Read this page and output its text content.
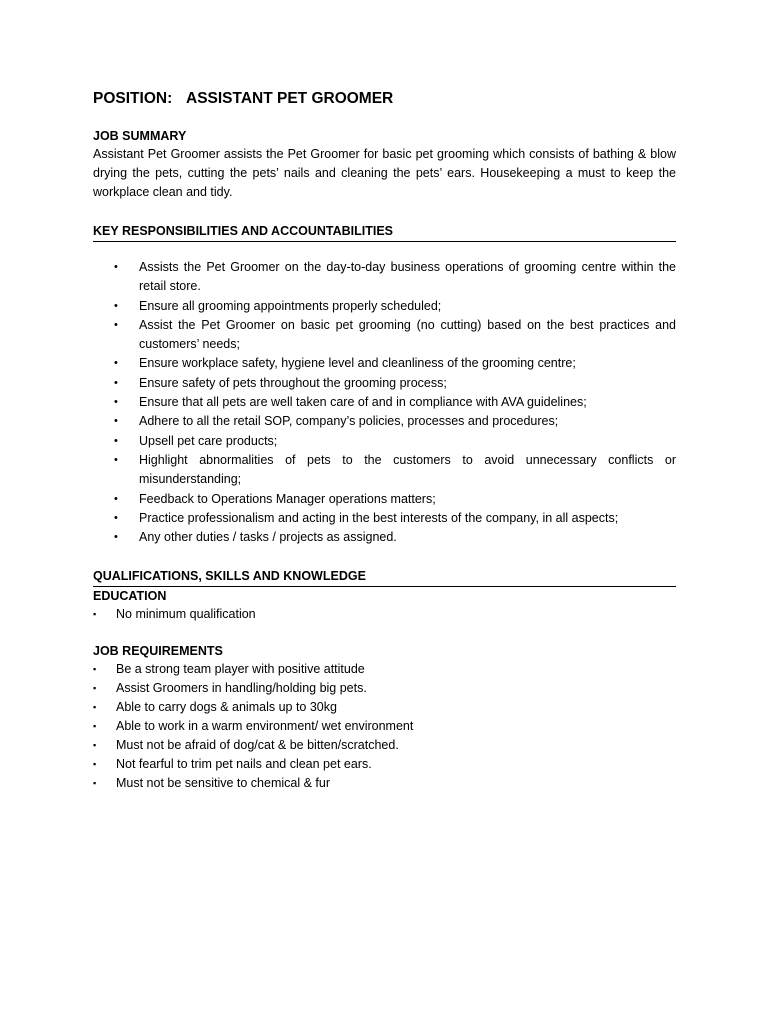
POSITION: ASSISTANT PET GROOMER

JOB SUMMARY

Assistant Pet Groomer assists the Pet Groomer for basic pet grooming which consists of bathing & blow drying the pets, cutting the pets’ nails and cleaning the pets’ ears. Housekeeping a must to keep the workplace clean and tidy.

KEY RESPONSIBILITIES AND ACCOUNTABILITIES

• Assists the Pet Groomer on the day-to-day business operations of grooming centre within the retail store.
• Ensure all grooming appointments properly scheduled;
• Assist the Pet Groomer on basic pet grooming (no cutting) based on the best practices and customers’ needs;
• Ensure workplace safety, hygiene level and cleanliness of the grooming centre;
• Ensure safety of pets throughout the grooming process;
• Ensure that all pets are well taken care of and in compliance with AVA guidelines;
• Adhere to all the retail SOP, company’s policies, processes and procedures;
• Upsell pet care products;
• Highlight abnormalities of pets to the customers to avoid unnecessary conflicts or misunderstanding;
• Feedback to Operations Manager operations matters;
• Practice professionalism and acting in the best interests of the company, in all aspects;
• Any other duties / tasks / projects as assigned.

QUALIFICATIONS, SKILLS AND KNOWLEDGE

EDUCATION

▪ No minimum qualification

JOB REQUIREMENTS

▪ Be a strong team player with positive attitude
▪ Assist Groomers in handling/holding big pets.
▪ Able to carry dogs & animals up to 30kg
▪ Able to work in a warm environment/ wet environment
▪ Must not be afraid of dog/cat & be bitten/scratched.
▪ Not fearful to trim pet nails and clean pet ears.
▪ Must not be sensitive to chemical & fur
